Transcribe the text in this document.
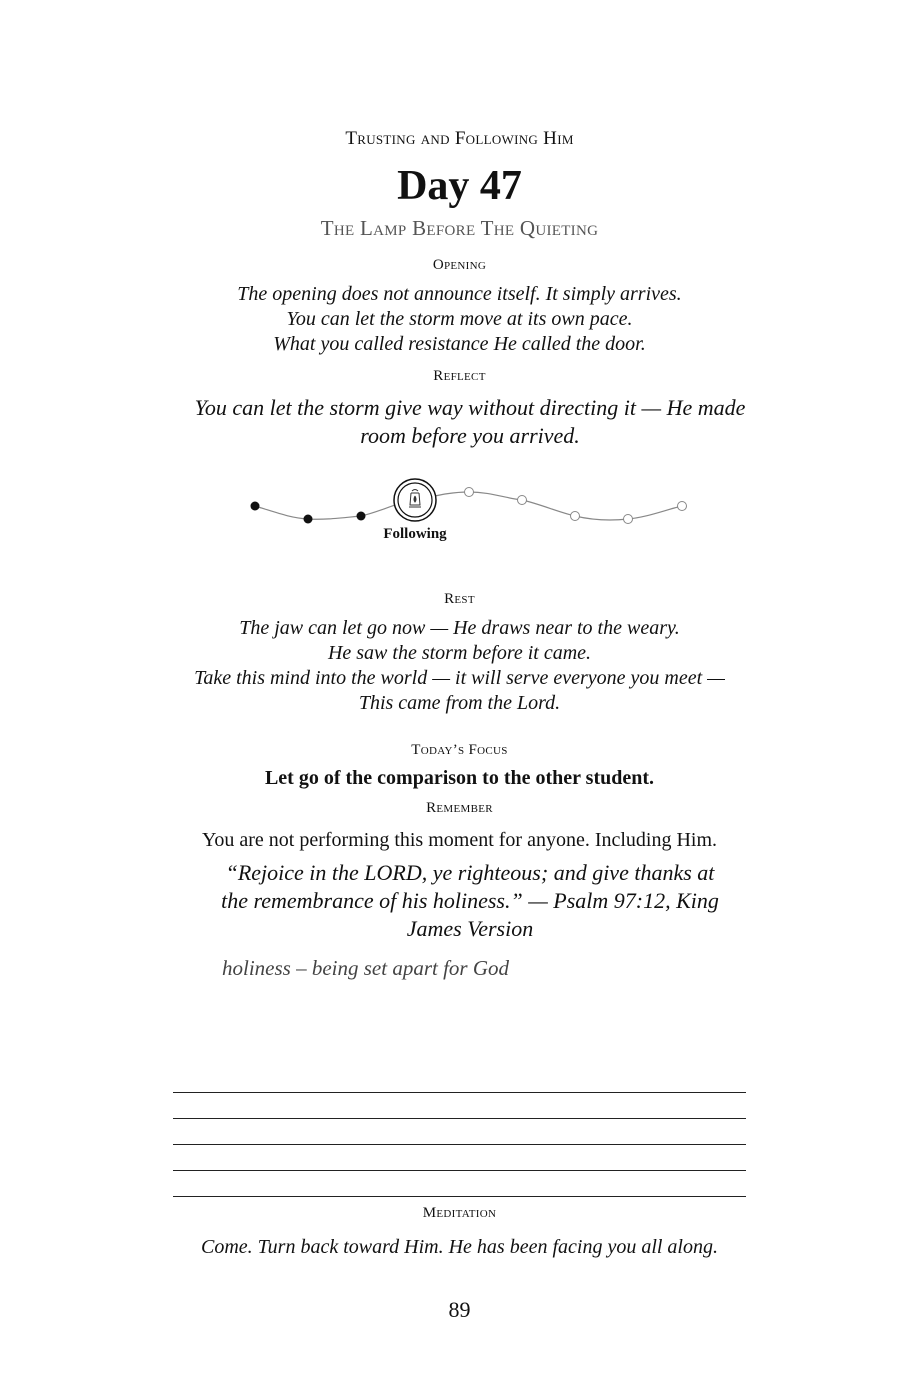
Trusting and Following Him
Day 47
The Lamp Before The Quieting
Opening
The opening does not announce itself. It simply arrives.
You can let the storm move at its own pace.
What you called resistance He called the door.
Reflect
You can let the storm give way without directing it — He made room before you arrived.
Following
Rest
The jaw can let go now — He draws near to the weary.
He saw the storm before it came.
Take this mind into the world — it will serve everyone you meet —
This came from the Lord.
Today’s Focus
Let go of the comparison to the other student.
Remember
You are not performing this moment for anyone. Including Him.
“Rejoice in the LORD, ye righteous; and give thanks at the remembrance of his holiness.” — Psalm 97:12, King James Version
holiness – being set apart for God
Meditation
Come. Turn back toward Him. He has been facing you all along.
89
